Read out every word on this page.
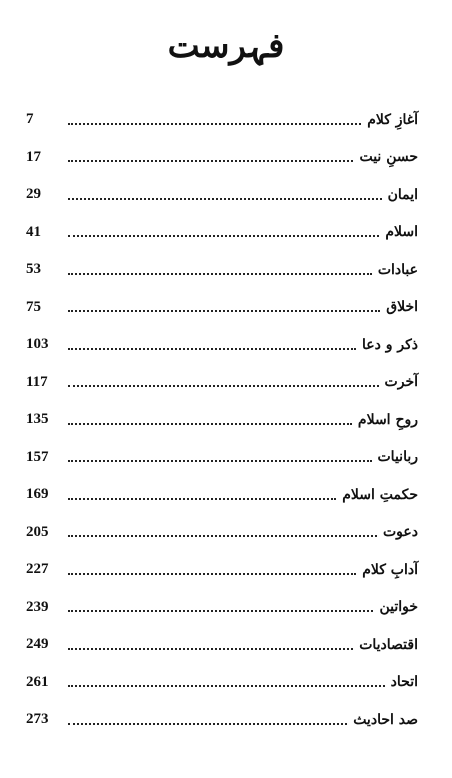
فہرست
7	آغازِ کلام
17	حسنِ نیت
29	ایمان
41	اسلام
53	عبادات
75	اخلاق
103	ذکر و دعا
117	آخرت
135	روحِ اسلام
157	ربانیات
169	حکمتِ اسلام
205	دعوت
227	آدابِ کلام
239	خواتین
249	اقتصادیات
261	اتحاد
273	صد احادیث
